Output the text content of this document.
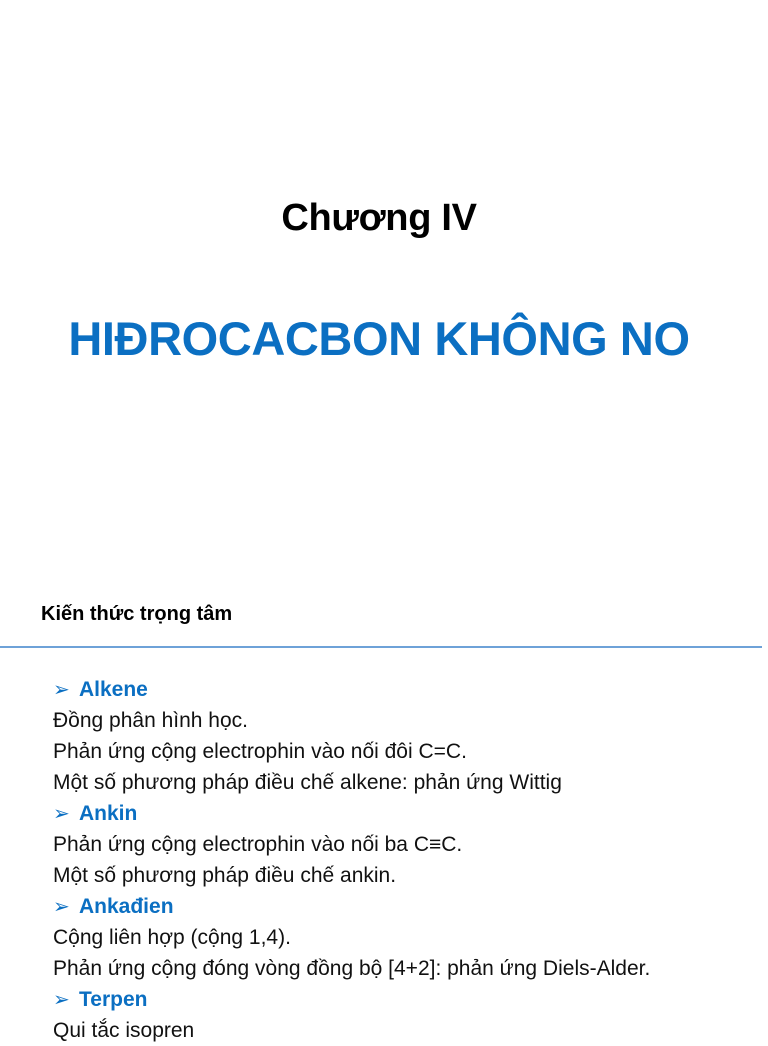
Chương IV
HIĐROCACBON KHÔNG NO
Kiến thức trọng tâm
➢ Alkene
Đồng phân hình học.
Phản ứng cộng electrophin vào nối đôi C=C.
Một số phương pháp điều chế alkene: phản ứng Wittig
➢ Ankin
Phản ứng cộng electrophin vào nối ba C≡C.
Một số phương pháp điều chế ankin.
➢ Ankađien
Cộng liên hợp (cộng 1,4).
Phản ứng cộng đóng vòng đồng bộ [4+2]: phản ứng Diels-Alder.
➢ Terpen
Qui tắc isopren
